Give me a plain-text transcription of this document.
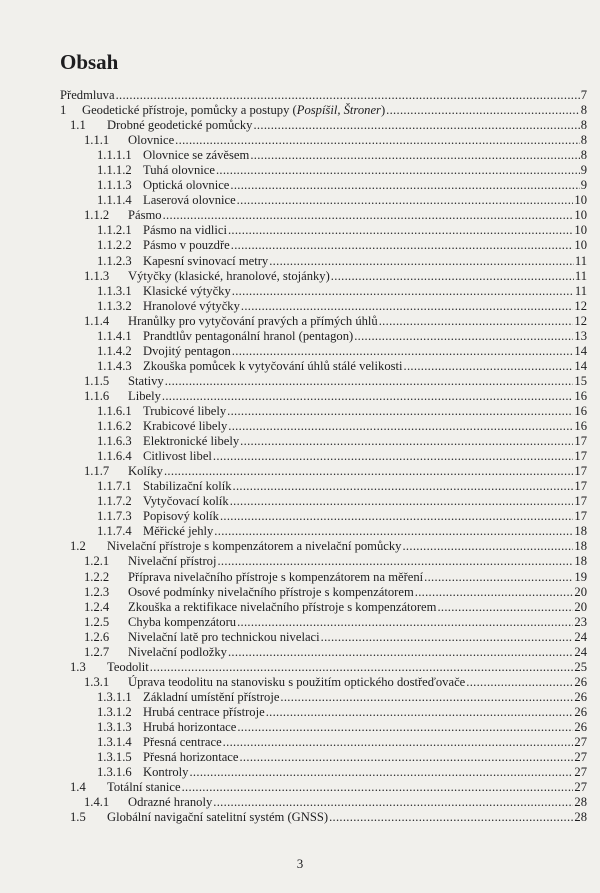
Obsah
Předmluva .....	7
1	Geodetické přístroje, pomůcky a postupy (Pospíšil, Štroner) .....	8
1.1	Drobné geodetické pomůcky .....	8
1.1.1	Olovnice .....	8
1.1.1.1 Olovnice se závěsem .....	8
1.1.1.2 Tuhá olovnice .....	9
1.1.1.3 Optická olovnice .....	9
1.1.1.4 Laserová olovnice .....	10
1.1.2	Pásmo .....	10
1.1.2.1 Pásmo na vidlici .....	10
1.1.2.2 Pásmo v pouzdře .....	10
1.1.2.3 Kapesní svinovací metry .....	11
1.1.3	Výtyčky (klasické, hranolové, stojánky) .....	11
1.1.3.1 Klasické výtyčky .....	11
1.1.3.2 Hranolové výtyčky .....	12
1.1.4	Hranůlky pro vytyčování pravých a přímých úhlů .....	12
1.1.4.1 Prandtlův pentagonální hranol (pentagon) .....	13
1.1.4.2 Dvojitý pentagon .....	14
1.1.4.3 Zkouška pomůcek k vytyčování úhlů stálé velikosti .....	14
1.1.5	Stativy .....	15
1.1.6	Libely .....	16
1.1.6.1 Trubicové libely .....	16
1.1.6.2 Krabicové libely .....	16
1.1.6.3 Elektronické libely .....	17
1.1.6.4 Citlivost libel .....	17
1.1.7	Kolíky .....	17
1.1.7.1 Stabilizační kolík .....	17
1.1.7.2 Vytyčovací kolík .....	17
1.1.7.3 Popisový kolík .....	17
1.1.7.4 Měřické jehly .....	18
1.2	Nivelační přístroje s kompenzátorem a nivelační pomůcky .....	18
1.2.1	Nivelační přístroj .....	18
1.2.2	Příprava nivelačního přístroje s kompenzátorem na měření .....	19
1.2.3	Osové podmínky nivelačního přístroje s kompenzátorem .....	20
1.2.4	Zkouška a rektifikace nivelačního přístroje s kompenzátorem .....	20
1.2.5	Chyba kompenzátoru .....	23
1.2.6	Nivelační latě pro technickou nivelaci .....	24
1.2.7	Nivelační podložky .....	24
1.3	Teodolit .....	25
1.3.1	Úprava teodolitu na stanovisku s použitím optického dostřeďovače .....	26
1.3.1.1 Základní umístění přístroje .....	26
1.3.1.2 Hrubá centrace přístroje .....	26
1.3.1.3 Hrubá horizontace .....	26
1.3.1.4 Přesná centrace .....	27
1.3.1.5 Přesná horizontace .....	27
1.3.1.6 Kontroly .....	27
1.4	Totální stanice .....	27
1.4.1	Odrazné hranoly .....	28
1.5	Globální navigační satelitní systém (GNSS) .....	28
3
